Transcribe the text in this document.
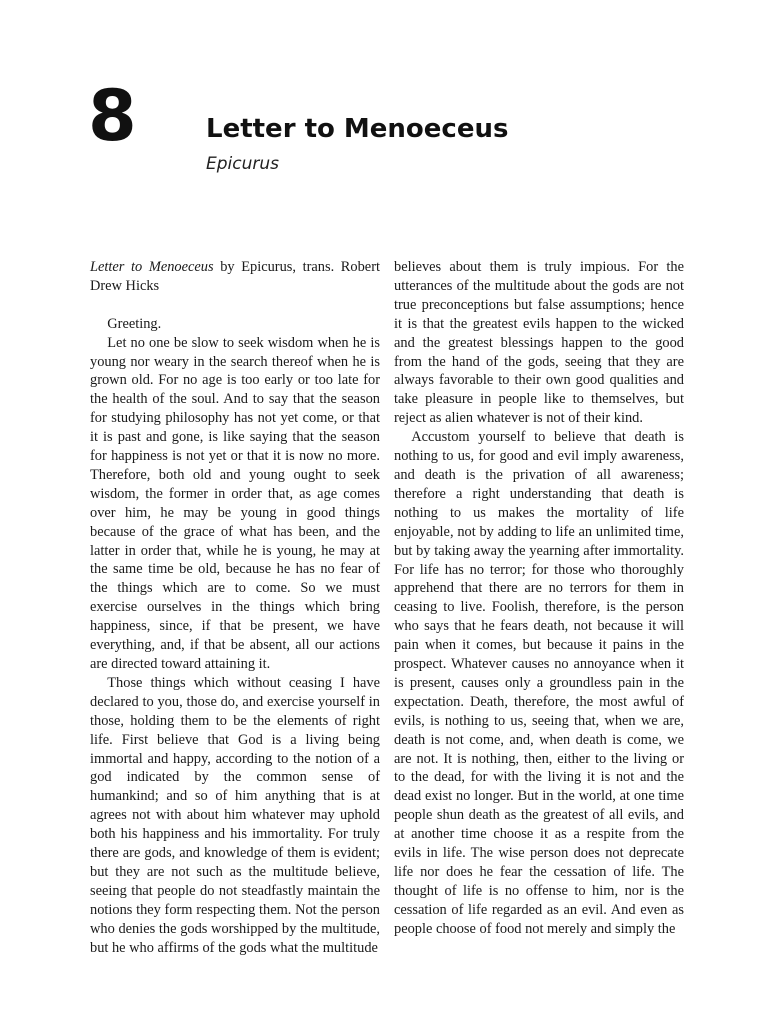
8	Letter to Menoeceus
Epicurus

Letter to Menoeceus by Epicurus, trans. Robert Drew Hicks

Greeting.

Let no one be slow to seek wisdom when he is young nor weary in the search thereof when he is grown old. For no age is too early or too late for the health of the soul. And to say that the season for studying philosophy has not yet come, or that it is past and gone, is like saying that the season for happiness is not yet or that it is now no more. Therefore, both old and young ought to seek wisdom, the former in order that, as age comes over him, he may be young in good things because of the grace of what has been, and the latter in order that, while he is young, he may at the same time be old, because he has no fear of the things which are to come. So we must exercise ourselves in the things which bring happiness, since, if that be present, we have everything, and, if that be absent, all our actions are directed toward attaining it.

Those things which without ceasing I have declared to you, those do, and exercise yourself in those, holding them to be the elements of right life. First believe that God is a living being immortal and happy, according to the notion of a god indicated by the common sense of humankind; and so of him anything that is at agrees not with about him whatever may uphold both his happiness and his immortality. For truly there are gods, and knowledge of them is evident; but they are not such as the multitude believe, seeing that people do not steadfastly maintain the notions they form respecting them. Not the person who denies the gods worshipped by the multitude, but he who affirms of the gods what the multitude

believes about them is truly impious. For the utterances of the multitude about the gods are not true preconceptions but false assumptions; hence it is that the greatest evils happen to the wicked and the greatest blessings happen to the good from the hand of the gods, seeing that they are always favorable to their own good qualities and take pleasure in people like to themselves, but reject as alien whatever is not of their kind.

Accustom yourself to believe that death is nothing to us, for good and evil imply awareness, and death is the privation of all awareness; therefore a right understanding that death is nothing to us makes the mortality of life enjoyable, not by adding to life an unlimited time, but by taking away the yearning after immortality. For life has no terror; for those who thoroughly apprehend that there are no terrors for them in ceasing to live. Foolish, therefore, is the person who says that he fears death, not because it will pain when it comes, but because it pains in the prospect. Whatever causes no annoyance when it is present, causes only a groundless pain in the expectation. Death, therefore, the most awful of evils, is nothing to us, seeing that, when we are, death is not come, and, when death is come, we are not. It is nothing, then, either to the living or to the dead, for with the living it is not and the dead exist no longer. But in the world, at one time people shun death as the greatest of all evils, and at another time choose it as a respite from the evils in life. The wise person does not deprecate life nor does he fear the cessation of life. The thought of life is no offense to him, nor is the cessation of life regarded as an evil. And even as people choose of food not merely and simply the
